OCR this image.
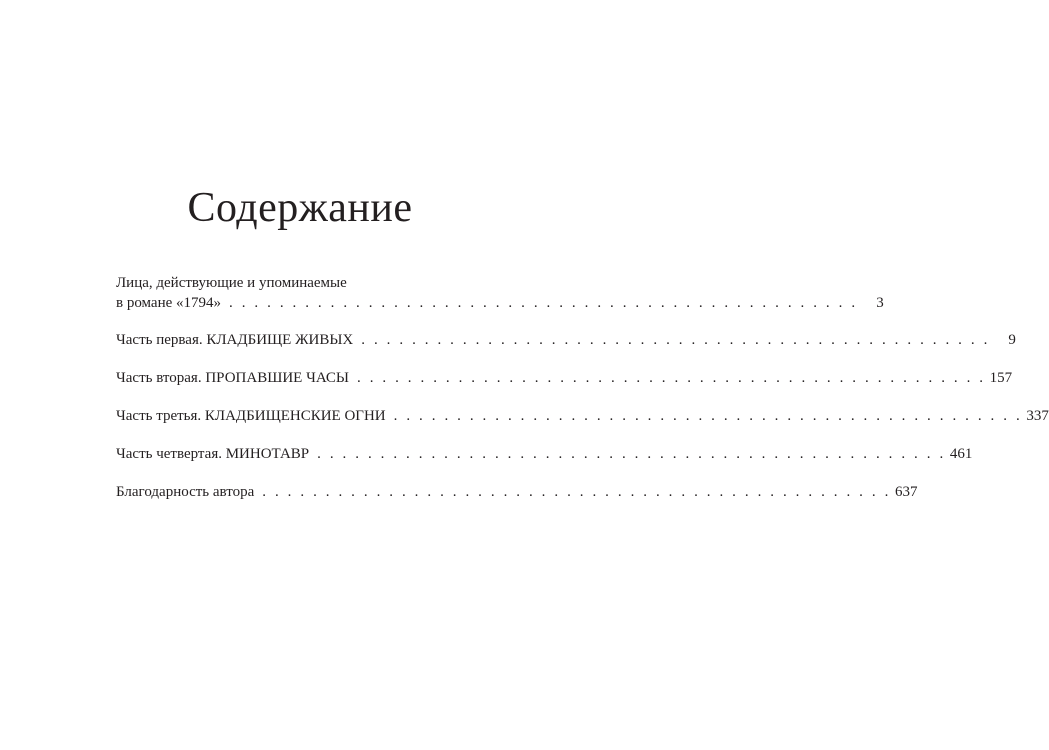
Содержание
Лица, действующие и упоминаемые
в романе «1794» . . . . . . . . . . . . . . . . . . . . . . . . . . . . . . . . . . . . . . . . . . . . . . . . . .	3
Часть первая. КЛАДБИЩЕ ЖИВЫХ . . . . . . . . . . . . . . . . . . . . . . . . . . . . . . . . . . . . . . . . . . . . . . . . . .	9
Часть вторая. ПРОПАВШИЕ ЧАСЫ . . . . . . . . . . . . . . . . . . . . . . . . . . . . . . . . . . . . . . . . . . . . . . . . . . 157
Часть третья. КЛАДБИЩЕНСКИЕ ОГНИ . . . . . . . . . . . . . . . . . . . . . . . . . . . . . . . . . . . . . . . . . . . . . . . . . . 337
Часть четвертая. МИНОТАВР . . . . . . . . . . . . . . . . . . . . . . . . . . . . . . . . . . . . . . . . . . . . . . . . . . 461
Благодарность автора . . . . . . . . . . . . . . . . . . . . . . . . . . . . . . . . . . . . . . . . . . . . . . . . . . 637
